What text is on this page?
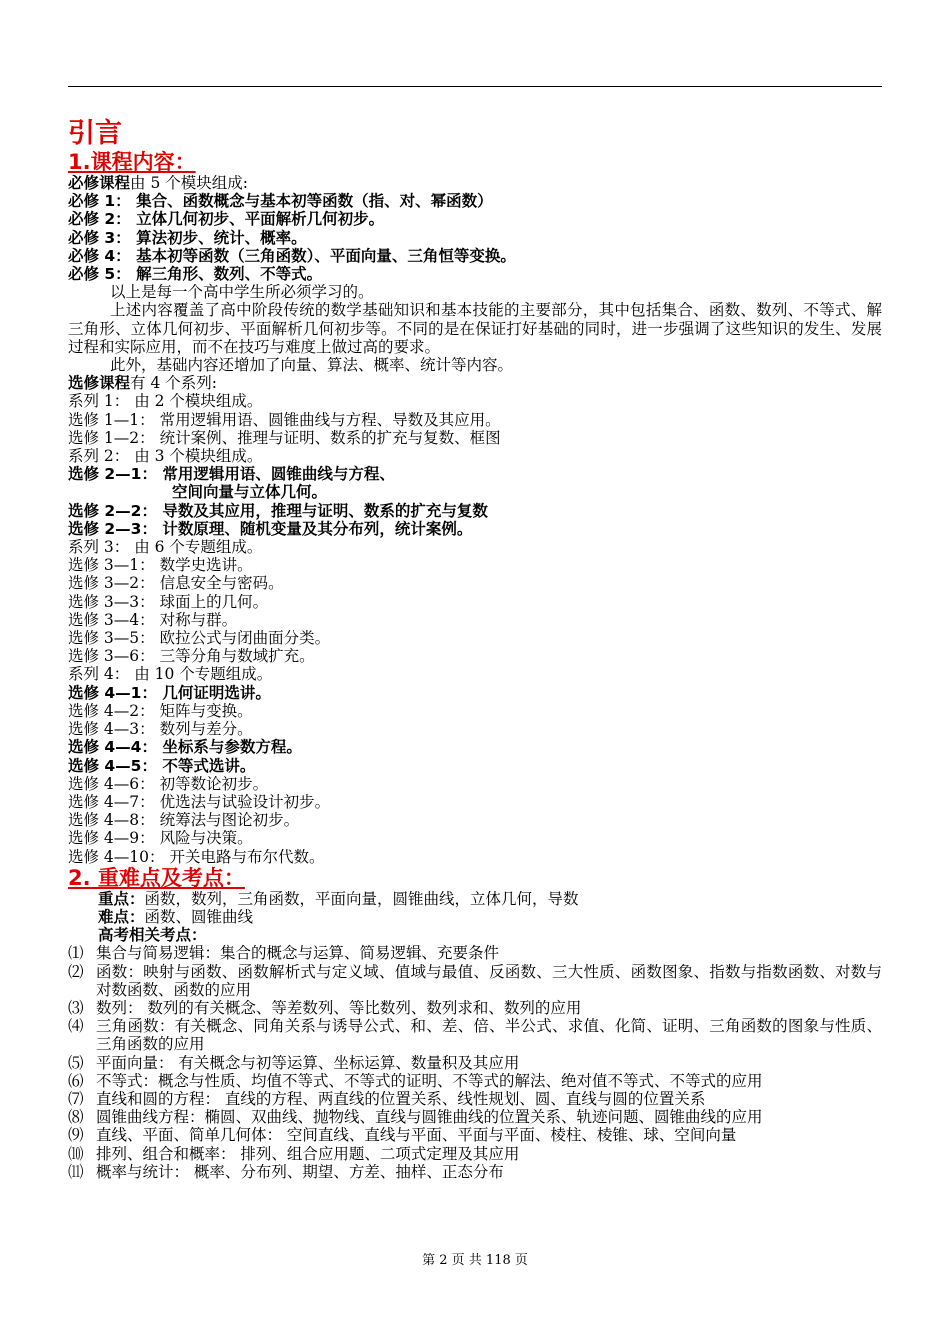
引言
1.课程内容：
必修课程由 5 个模块组成:
必修 1： 集合、函数概念与基本初等函数（指、对、幂函数）
必修 2： 立体几何初步、平面解析几何初步。
必修 3： 算法初步、统计、概率。
必修 4： 基本初等函数（三角函数）、平面向量、三角恒等变换。
必修 5： 解三角形、数列、不等式。
以上是每一个高中学生所必须学习的。
上述内容覆盖了高中阶段传统的数学基础知识和基本技能的主要部分，其中包括集合、函数、数列、不等式、解三角形、立体几何初步、平面解析几何初步等。不同的是在保证打好基础的同时，进一步强调了这些知识的发生、发展过程和实际应用，而不在技巧与难度上做过高的要求。
此外，基础内容还增加了向量、算法、概率、统计等内容。
选修课程有 4 个系列:
系列 1： 由 2 个模块组成。
选修 1—1： 常用逻辑用语、圆锥曲线与方程、导数及其应用。
选修 1—2： 统计案例、推理与证明、数系的扩充与复数、框图
系列 2： 由 3 个模块组成。
选修 2—1： 常用逻辑用语、圆锥曲线与方程、
空间向量与立体几何。
选修 2—2： 导数及其应用，推理与证明、数系的扩充与复数
选修 2—3： 计数原理、随机变量及其分布列，统计案例。
系列 3： 由 6 个专题组成。
选修 3—1： 数学史选讲。
选修 3—2： 信息安全与密码。
选修 3—3： 球面上的几何。
选修 3—4： 对称与群。
选修 3—5： 欧拉公式与闭曲面分类。
选修 3—6： 三等分角与数域扩充。
系列 4： 由 10 个专题组成。
选修 4—1： 几何证明选讲。
选修 4—2： 矩阵与变换。
选修 4—3： 数列与差分。
选修 4—4： 坐标系与参数方程。
选修 4—5： 不等式选讲。
选修 4—6： 初等数论初步。
选修 4—7： 优选法与试验设计初步。
选修 4—8： 统筹法与图论初步。
选修 4—9： 风险与决策。
选修 4—10： 开关电路与布尔代数。
2. 重难点及考点：
重点：函数，数列，三角函数，平面向量，圆锥曲线，立体几何，导数
难点：函数、圆锥曲线
高考相关考点：
⑴ 集合与简易逻辑：集合的概念与运算、简易逻辑、充要条件
⑵ 函数：映射与函数、函数解析式与定义域、值域与最值、反函数、三大性质、函数图象、指数与指数函数、对数与对数函数、函数的应用
⑶ 数列： 数列的有关概念、等差数列、等比数列、数列求和、数列的应用
⑷ 三角函数：有关概念、同角关系与诱导公式、和、差、倍、半公式、求值、化简、证明、三角函数的图象与性质、三角函数的应用
⑸ 平面向量： 有关概念与初等运算、坐标运算、数量积及其应用
⑹ 不等式：概念与性质、均值不等式、不等式的证明、不等式的解法、绝对值不等式、不等式的应用
⑺ 直线和圆的方程： 直线的方程、两直线的位置关系、线性规划、圆、直线与圆的位置关系
⑻ 圆锥曲线方程：椭圆、双曲线、抛物线、直线与圆锥曲线的位置关系、轨迹问题、圆锥曲线的应用
⑼ 直线、平面、简单几何体： 空间直线、直线与平面、平面与平面、棱柱、棱锥、球、空间向量
⑽ 排列、组合和概率： 排列、组合应用题、二项式定理及其应用
⑾ 概率与统计： 概率、分布列、期望、方差、抽样、正态分布
第 2 页 共 118 页
